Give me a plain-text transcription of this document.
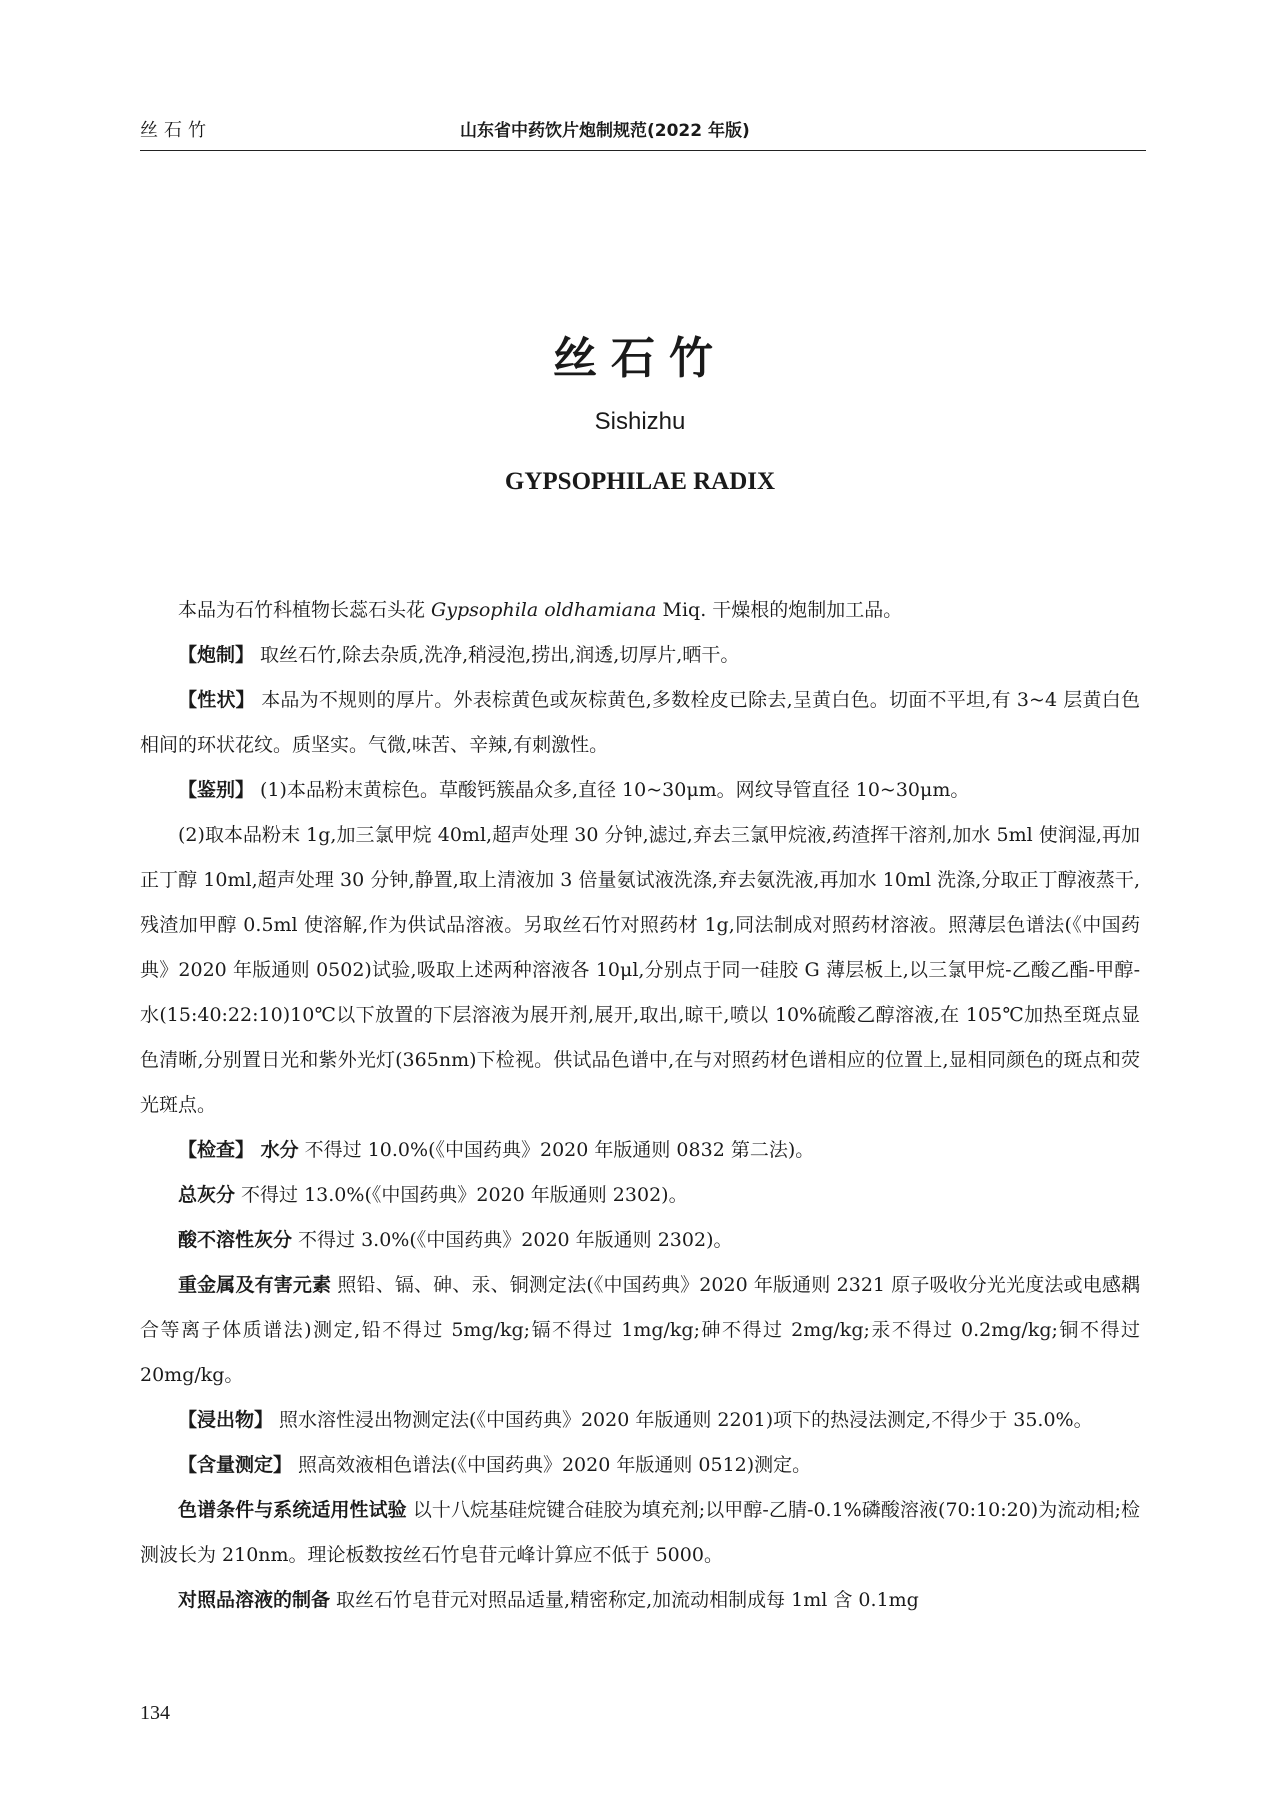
丝石竹	山东省中药饮片炮制规范(2022 年版)
丝石竹
Sishizhu
GYPSOPHILAE RADIX

本品为石竹科植物长蕊石头花 Gypsophila oldhamiana Miq. 干燥根的炮制加工品。

【炮制】 取丝石竹,除去杂质,洗净,稍浸泡,捞出,润透,切厚片,晒干。

【性状】 本品为不规则的厚片。外表棕黄色或灰棕黄色,多数栓皮已除去,呈黄白色。切面不平坦,有 3~4 层黄白色相间的环状花纹。质坚实。气微,味苦、辛辣,有刺激性。

【鉴别】 (1)本品粉末黄棕色。草酸钙簇晶众多,直径 10~30μm。网纹导管直径 10~30μm。

(2)取本品粉末 1g,加三氯甲烷 40ml,超声处理 30 分钟,滤过,弃去三氯甲烷液,药渣挥干溶剂,加水 5ml 使润湿,再加正丁醇 10ml,超声处理 30 分钟,静置,取上清液加 3 倍量氨试液洗涤,弃去氨洗液,再加水 10ml 洗涤,分取正丁醇液蒸干,残渣加甲醇 0.5ml 使溶解,作为供试品溶液。另取丝石竹对照药材 1g,同法制成对照药材溶液。照薄层色谱法(《中国药典》2020 年版通则 0502)试验,吸取上述两种溶液各 10μl,分别点于同一硅胶 G 薄层板上,以三氯甲烷-乙酸乙酯-甲醇-水(15:40:22:10)10℃以下放置的下层溶液为展开剂,展开,取出,晾干,喷以 10%硫酸乙醇溶液,在 105℃加热至斑点显色清晰,分别置日光和紫外光灯(365nm)下检视。供试品色谱中,在与对照药材色谱相应的位置上,显相同颜色的斑点和荧光斑点。

【检查】 水分 不得过 10.0%(《中国药典》2020 年版通则 0832 第二法)。

总灰分 不得过 13.0%(《中国药典》2020 年版通则 2302)。

酸不溶性灰分 不得过 3.0%(《中国药典》2020 年版通则 2302)。

重金属及有害元素 照铅、镉、砷、汞、铜测定法(《中国药典》2020 年版通则 2321 原子吸收分光光度法或电感耦合等离子体质谱法)测定,铅不得过 5mg/kg;镉不得过 1mg/kg;砷不得过 2mg/kg;汞不得过 0.2mg/kg;铜不得过 20mg/kg。

【浸出物】 照水溶性浸出物测定法(《中国药典》2020 年版通则 2201)项下的热浸法测定,不得少于 35.0%。

【含量测定】 照高效液相色谱法(《中国药典》2020 年版通则 0512)测定。

色谱条件与系统适用性试验 以十八烷基硅烷键合硅胶为填充剂;以甲醇-乙腈-0.1%磷酸溶液(70:10:20)为流动相;检测波长为 210nm。理论板数按丝石竹皂苷元峰计算应不低于 5000。

对照品溶液的制备 取丝石竹皂苷元对照品适量,精密称定,加流动相制成每 1ml 含 0.1mg

134
